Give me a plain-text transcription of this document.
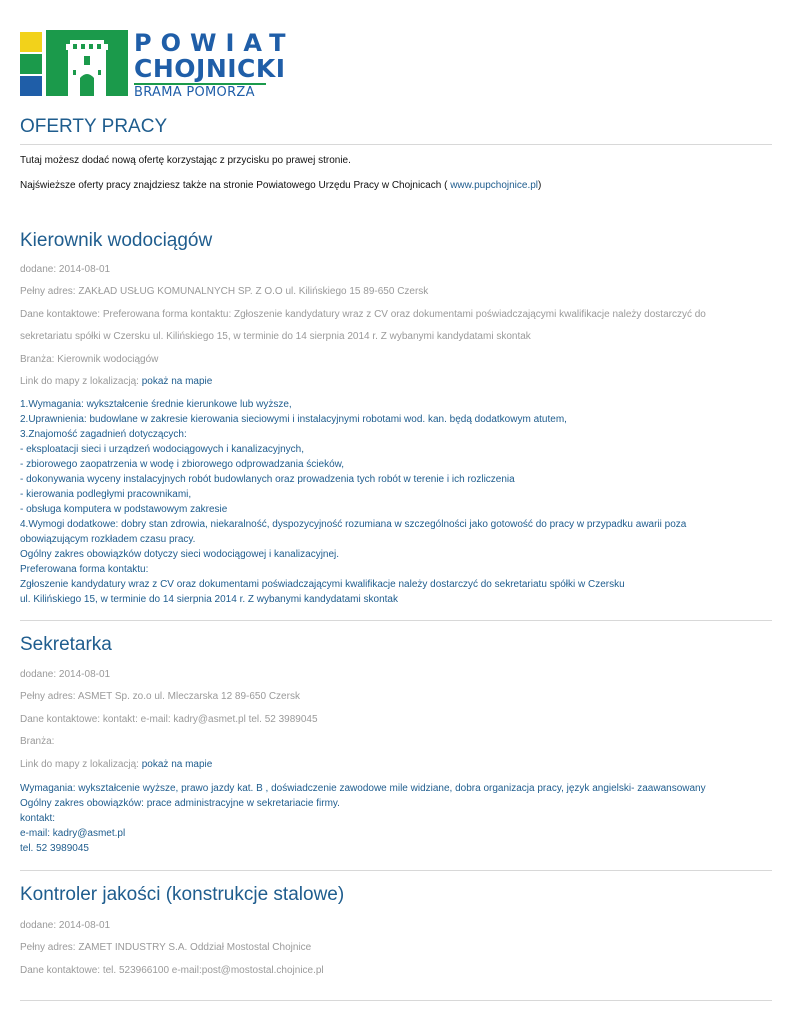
POWIAT
CHOJNICKI
BRAMA POMORZA
OFERTY PRACY
Tutaj możesz dodać nową ofertę korzystając z przycisku po prawej stronie.
Najświeższe oferty pracy znajdziesz także na stronie Powiatowego Urzędu Pracy w Chojnicach ( www.pupchojnice.pl)
Kierownik wodociągów
dodane: 2014-08-01
Pełny adres: ZAKŁAD USŁUG KOMUNALNYCH SP. Z O.O ul. Kilińskiego 15 89-650 Czersk
Dane kontaktowe: Preferowana forma kontaktu: Zgłoszenie kandydatury wraz z CV oraz dokumentami poświadczającymi kwalifikacje należy dostarczyć do
sekretariatu spółki w Czersku ul. Kilińskiego 15, w terminie do 14 sierpnia 2014 r. Z wybanymi kandydatami skontak
Branża: Kierownik wodociągów
Link do mapy z lokalizacją: pokaż na mapie
1.Wymagania: wykształcenie średnie kierunkowe lub wyższe,
2.Uprawnienia: budowlane w zakresie kierowania sieciowymi i instalacyjnymi robotami wod. kan. będą dodatkowym atutem,
3.Znajomość zagadnień dotyczących:
- eksploatacji sieci i urządzeń wodociągowych i kanalizacyjnych,
- zbiorowego zaopatrzenia w wodę i zbiorowego odprowadzania ścieków,
- dokonywania wyceny instalacyjnych robót budowlanych oraz prowadzenia tych robót w terenie i ich rozliczenia
- kierowania podległymi pracownikami,
- obsługa komputera w podstawowym zakresie
4.Wymogi dodatkowe: dobry stan zdrowia, niekaralność, dyspozycyjność rozumiana w szczególności jako gotowość do pracy w przypadku awarii poza
obowiązującym rozkładem czasu pracy.
Ogólny zakres obowiązków dotyczy sieci wodociągowej i kanalizacyjnej.
Preferowana forma kontaktu:
Zgłoszenie kandydatury wraz z CV oraz dokumentami poświadczającymi kwalifikacje należy dostarczyć do sekretariatu spółki w Czersku
ul. Kilińskiego 15, w terminie do 14 sierpnia 2014 r. Z wybanymi kandydatami skontak
Sekretarka
dodane: 2014-08-01
Pełny adres: ASMET Sp. zo.o ul. Mleczarska 12 89-650 Czersk
Dane kontaktowe: kontakt: e-mail: kadry@asmet.pl tel. 52 3989045
Branża:
Link do mapy z lokalizacją: pokaż na mapie
Wymagania: wykształcenie wyższe, prawo jazdy kat. B , doświadczenie zawodowe mile widziane, dobra organizacja pracy, język angielski- zaawansowany
Ogólny zakres obowiązków: prace administracyjne w sekretariacie firmy.
kontakt:
e-mail: kadry@asmet.pl
tel. 52 3989045
Kontroler jakości (konstrukcje stalowe)
dodane: 2014-08-01
Pełny adres: ZAMET INDUSTRY S.A. Oddział Mostostal Chojnice
Dane kontaktowe: tel. 523966100 e-mail:post@mostostal.chojnice.pl
